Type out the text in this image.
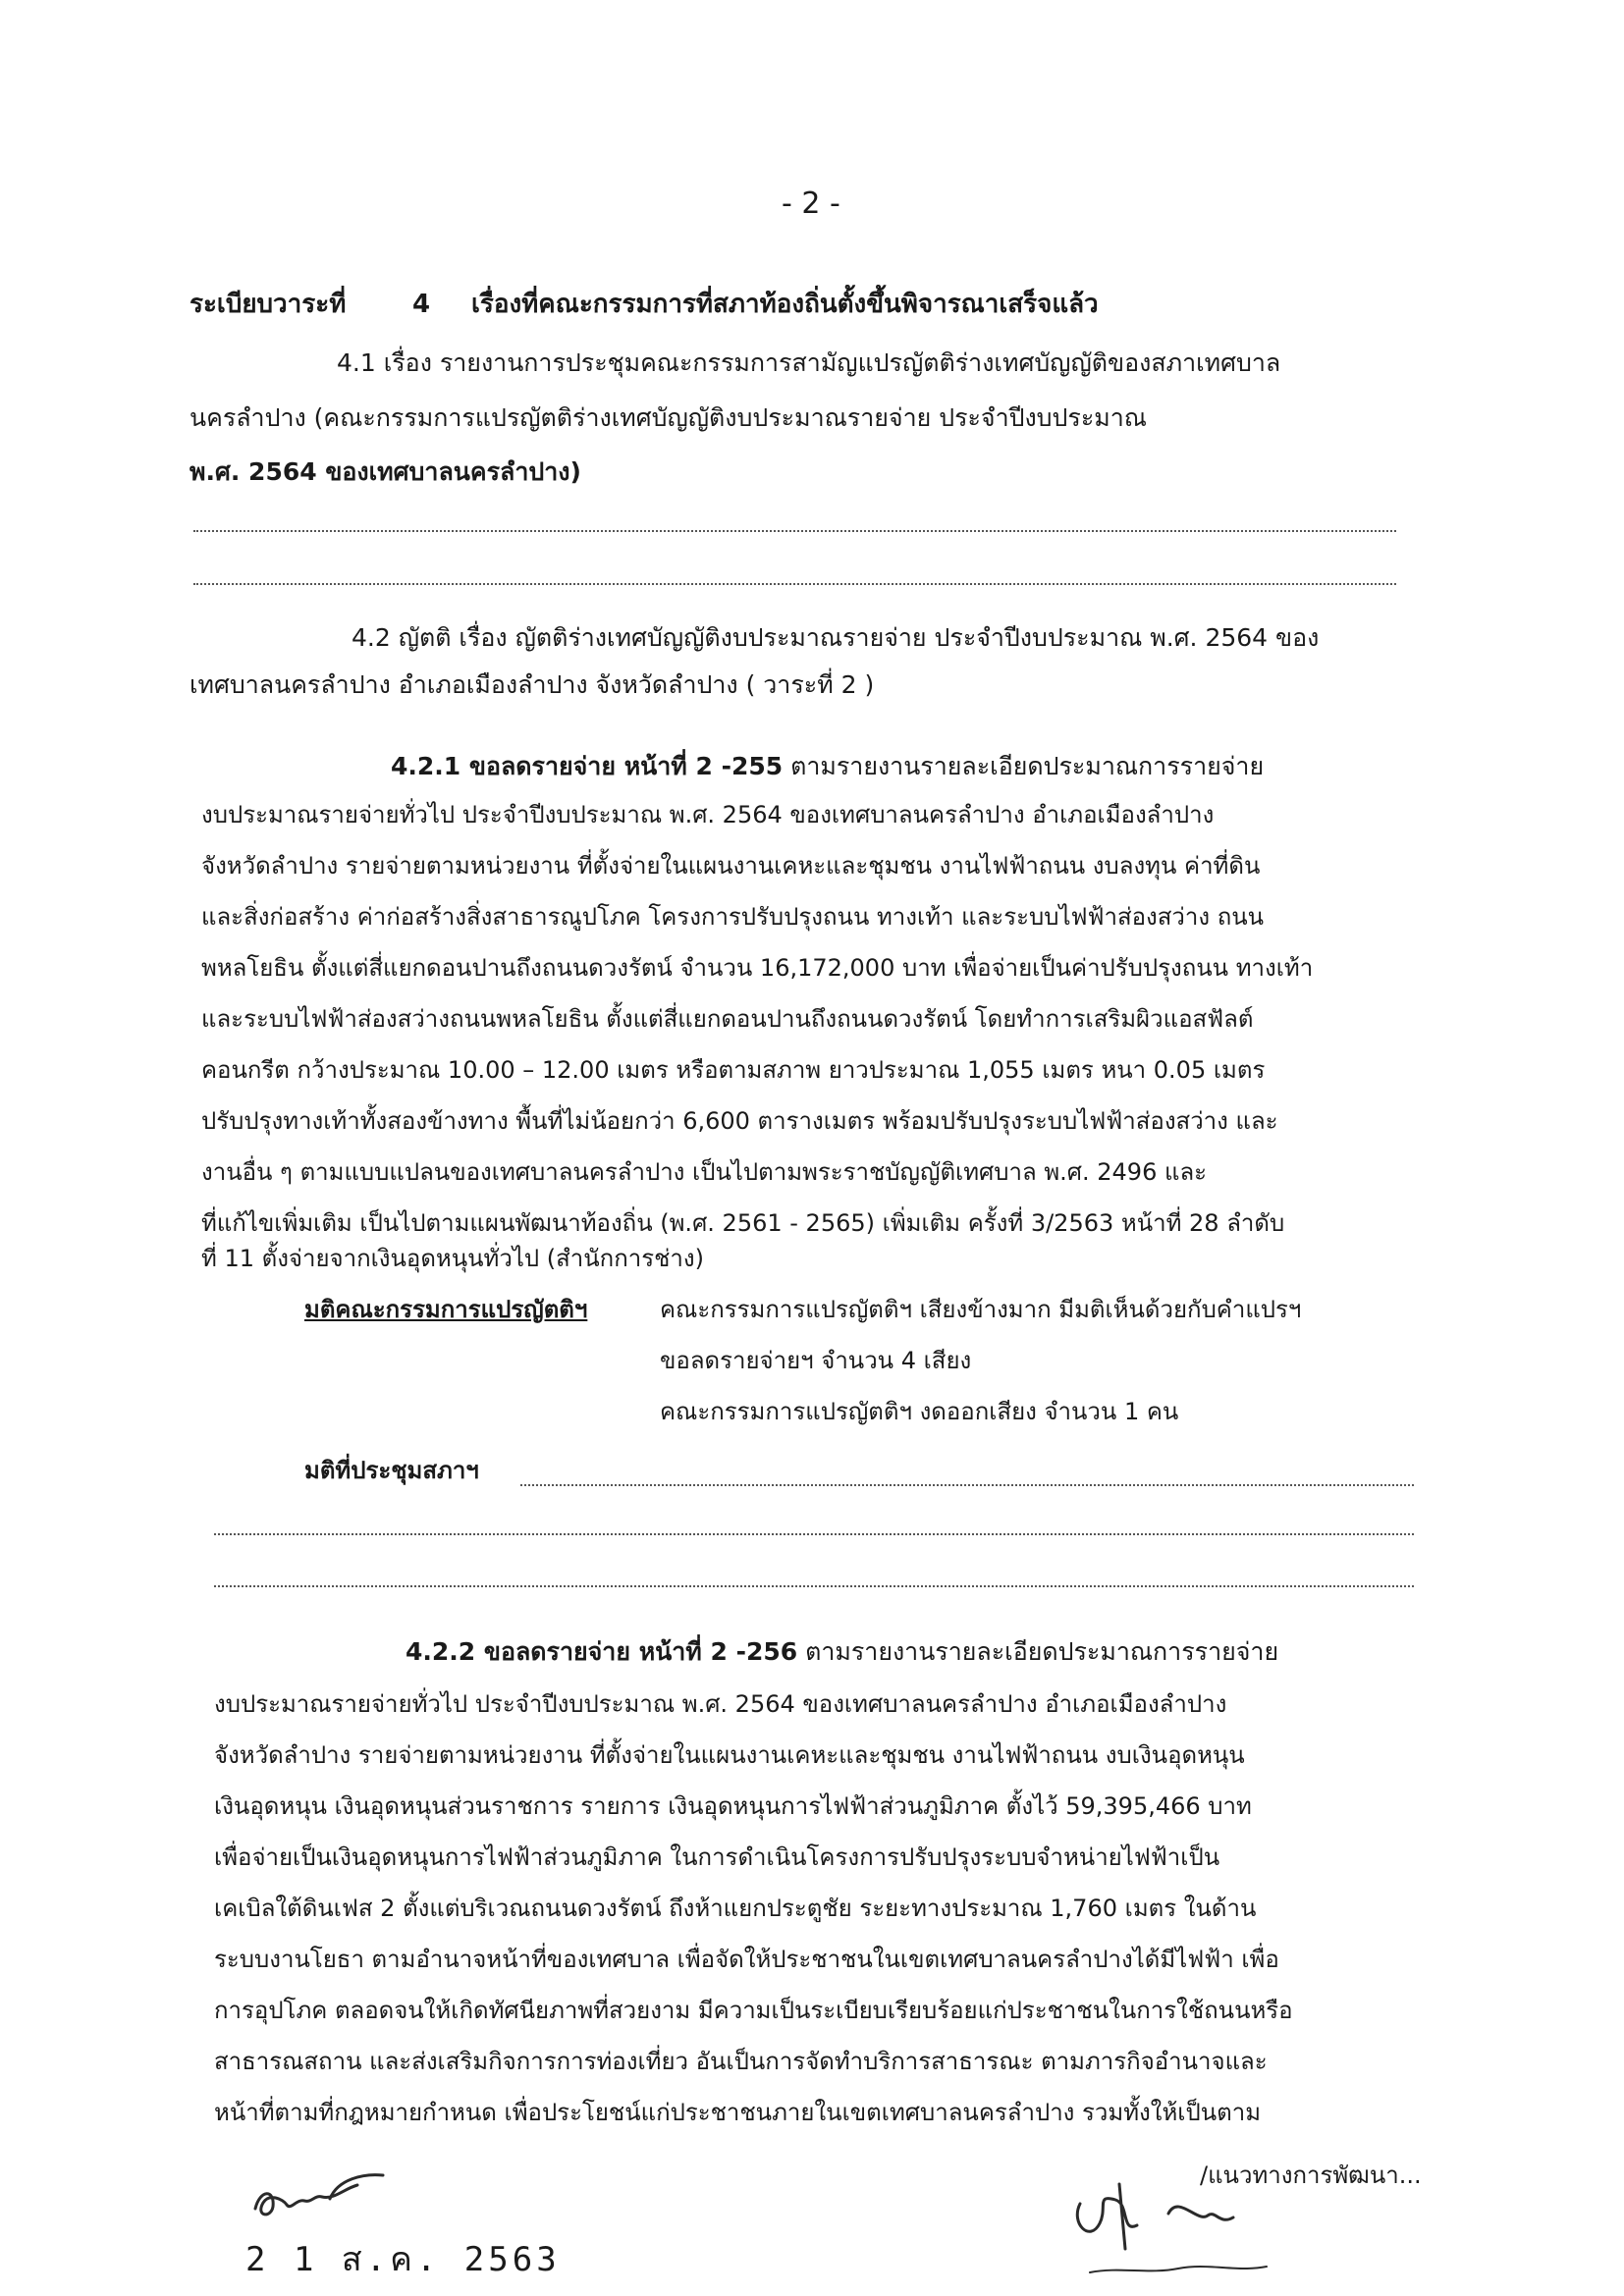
- 2 -
ระเบียบวาระที่	4 เรื่องที่คณะกรรมการที่สภาท้องถิ่นตั้งขึ้นพิจารณาเสร็จแล้ว
4.1 เรื่อง รายงานการประชุมคณะกรรมการสามัญแปรญัตติร่างเทศบัญญัติของสภาเทศบาล
นครลำปาง (คณะกรรมการแปรญัตติร่างเทศบัญญัติงบประมาณรายจ่าย ประจำปีงบประมาณ
พ.ศ. 2564 ของเทศบาลนครลำปาง)
4.2 ญัตติ เรื่อง ญัตติร่างเทศบัญญัติงบประมาณรายจ่าย ประจำปีงบประมาณ พ.ศ. 2564 ของ
เทศบาลนครลำปาง อำเภอเมืองลำปาง จังหวัดลำปาง ( วาระที่ 2 )
4.2.1 ขอลดรายจ่าย หน้าที่ 2 -255 ตามรายงานรายละเอียดประมาณการรายจ่าย
งบประมาณรายจ่ายทั่วไป ประจำปีงบประมาณ พ.ศ. 2564 ของเทศบาลนครลำปาง อำเภอเมืองลำปาง
จังหวัดลำปาง รายจ่ายตามหน่วยงาน ที่ตั้งจ่ายในแผนงานเคหะและชุมชน งานไฟฟ้าถนน งบลงทุน ค่าที่ดิน
และสิ่งก่อสร้าง ค่าก่อสร้างสิ่งสาธารณูปโภค โครงการปรับปรุงถนน ทางเท้า และระบบไฟฟ้าส่องสว่าง ถนน
พหลโยธิน ตั้งแต่สี่แยกดอนปานถึงถนนดวงรัตน์ จำนวน 16,172,000 บาท เพื่อจ่ายเป็นค่าปรับปรุงถนน ทางเท้า
และระบบไฟฟ้าส่องสว่างถนนพหลโยธิน ตั้งแต่สี่แยกดอนปานถึงถนนดวงรัตน์ โดยทำการเสริมผิวแอสฟัลต์
คอนกรีต กว้างประมาณ 10.00 – 12.00 เมตร หรือตามสภาพ ยาวประมาณ 1,055 เมตร หนา 0.05 เมตร
ปรับปรุงทางเท้าทั้งสองข้างทาง พื้นที่ไม่น้อยกว่า 6,600 ตารางเมตร พร้อมปรับปรุงระบบไฟฟ้าส่องสว่าง และ
งานอื่น ๆ ตามแบบแปลนของเทศบาลนครลำปาง เป็นไปตามพระราชบัญญัติเทศบาล พ.ศ. 2496 และ
ที่แก้ไขเพิ่มเติม เป็นไปตามแผนพัฒนาท้องถิ่น (พ.ศ. 2561 - 2565) เพิ่มเติม ครั้งที่ 3/2563 หน้าที่ 28 ลำดับ
ที่ 11 ตั้งจ่ายจากเงินอุดหนุนทั่วไป (สำนักการช่าง)
มติคณะกรรมการแปรญัตติฯ	คณะกรรมการแปรญัตติฯ เสียงข้างมาก มีมติเห็นด้วยกับคำแปรฯ
ขอลดรายจ่ายฯ จำนวน 4 เสียง
คณะกรรมการแปรญัตติฯ งดออกเสียง จำนวน 1 คน
มติที่ประชุมสภาฯ
4.2.2 ขอลดรายจ่าย หน้าที่ 2 -256 ตามรายงานรายละเอียดประมาณการรายจ่าย
งบประมาณรายจ่ายทั่วไป ประจำปีงบประมาณ พ.ศ. 2564 ของเทศบาลนครลำปาง อำเภอเมืองลำปาง
จังหวัดลำปาง รายจ่ายตามหน่วยงาน ที่ตั้งจ่ายในแผนงานเคหะและชุมชน งานไฟฟ้าถนน งบเงินอุดหนุน
เงินอุดหนุน เงินอุดหนุนส่วนราชการ รายการ เงินอุดหนุนการไฟฟ้าส่วนภูมิภาค ตั้งไว้ 59,395,466 บาท
เพื่อจ่ายเป็นเงินอุดหนุนการไฟฟ้าส่วนภูมิภาค ในการดำเนินโครงการปรับปรุงระบบจำหน่ายไฟฟ้าเป็น
เคเบิลใต้ดินเฟส 2 ตั้งแต่บริเวณถนนดวงรัตน์ ถึงห้าแยกประตูชัย ระยะทางประมาณ 1,760 เมตร ในด้าน
ระบบงานโยธา ตามอำนาจหน้าที่ของเทศบาล เพื่อจัดให้ประชาชนในเขตเทศบาลนครลำปางได้มีไฟฟ้า เพื่อ
การอุปโภค ตลอดจนให้เกิดทัศนียภาพที่สวยงาม มีความเป็นระเบียบเรียบร้อยแก่ประชาชนในการใช้ถนนหรือ
สาธารณสถาน และส่งเสริมกิจการการท่องเที่ยว อันเป็นการจัดทำบริการสาธารณะ ตามภารกิจอำนาจและ
หน้าที่ตามที่กฎหมายกำหนด เพื่อประโยชน์แก่ประชาชนภายในเขตเทศบาลนครลำปาง รวมทั้งให้เป็นตาม
/แนวทางการพัฒนา...
2 1 ส.ค. 2563
